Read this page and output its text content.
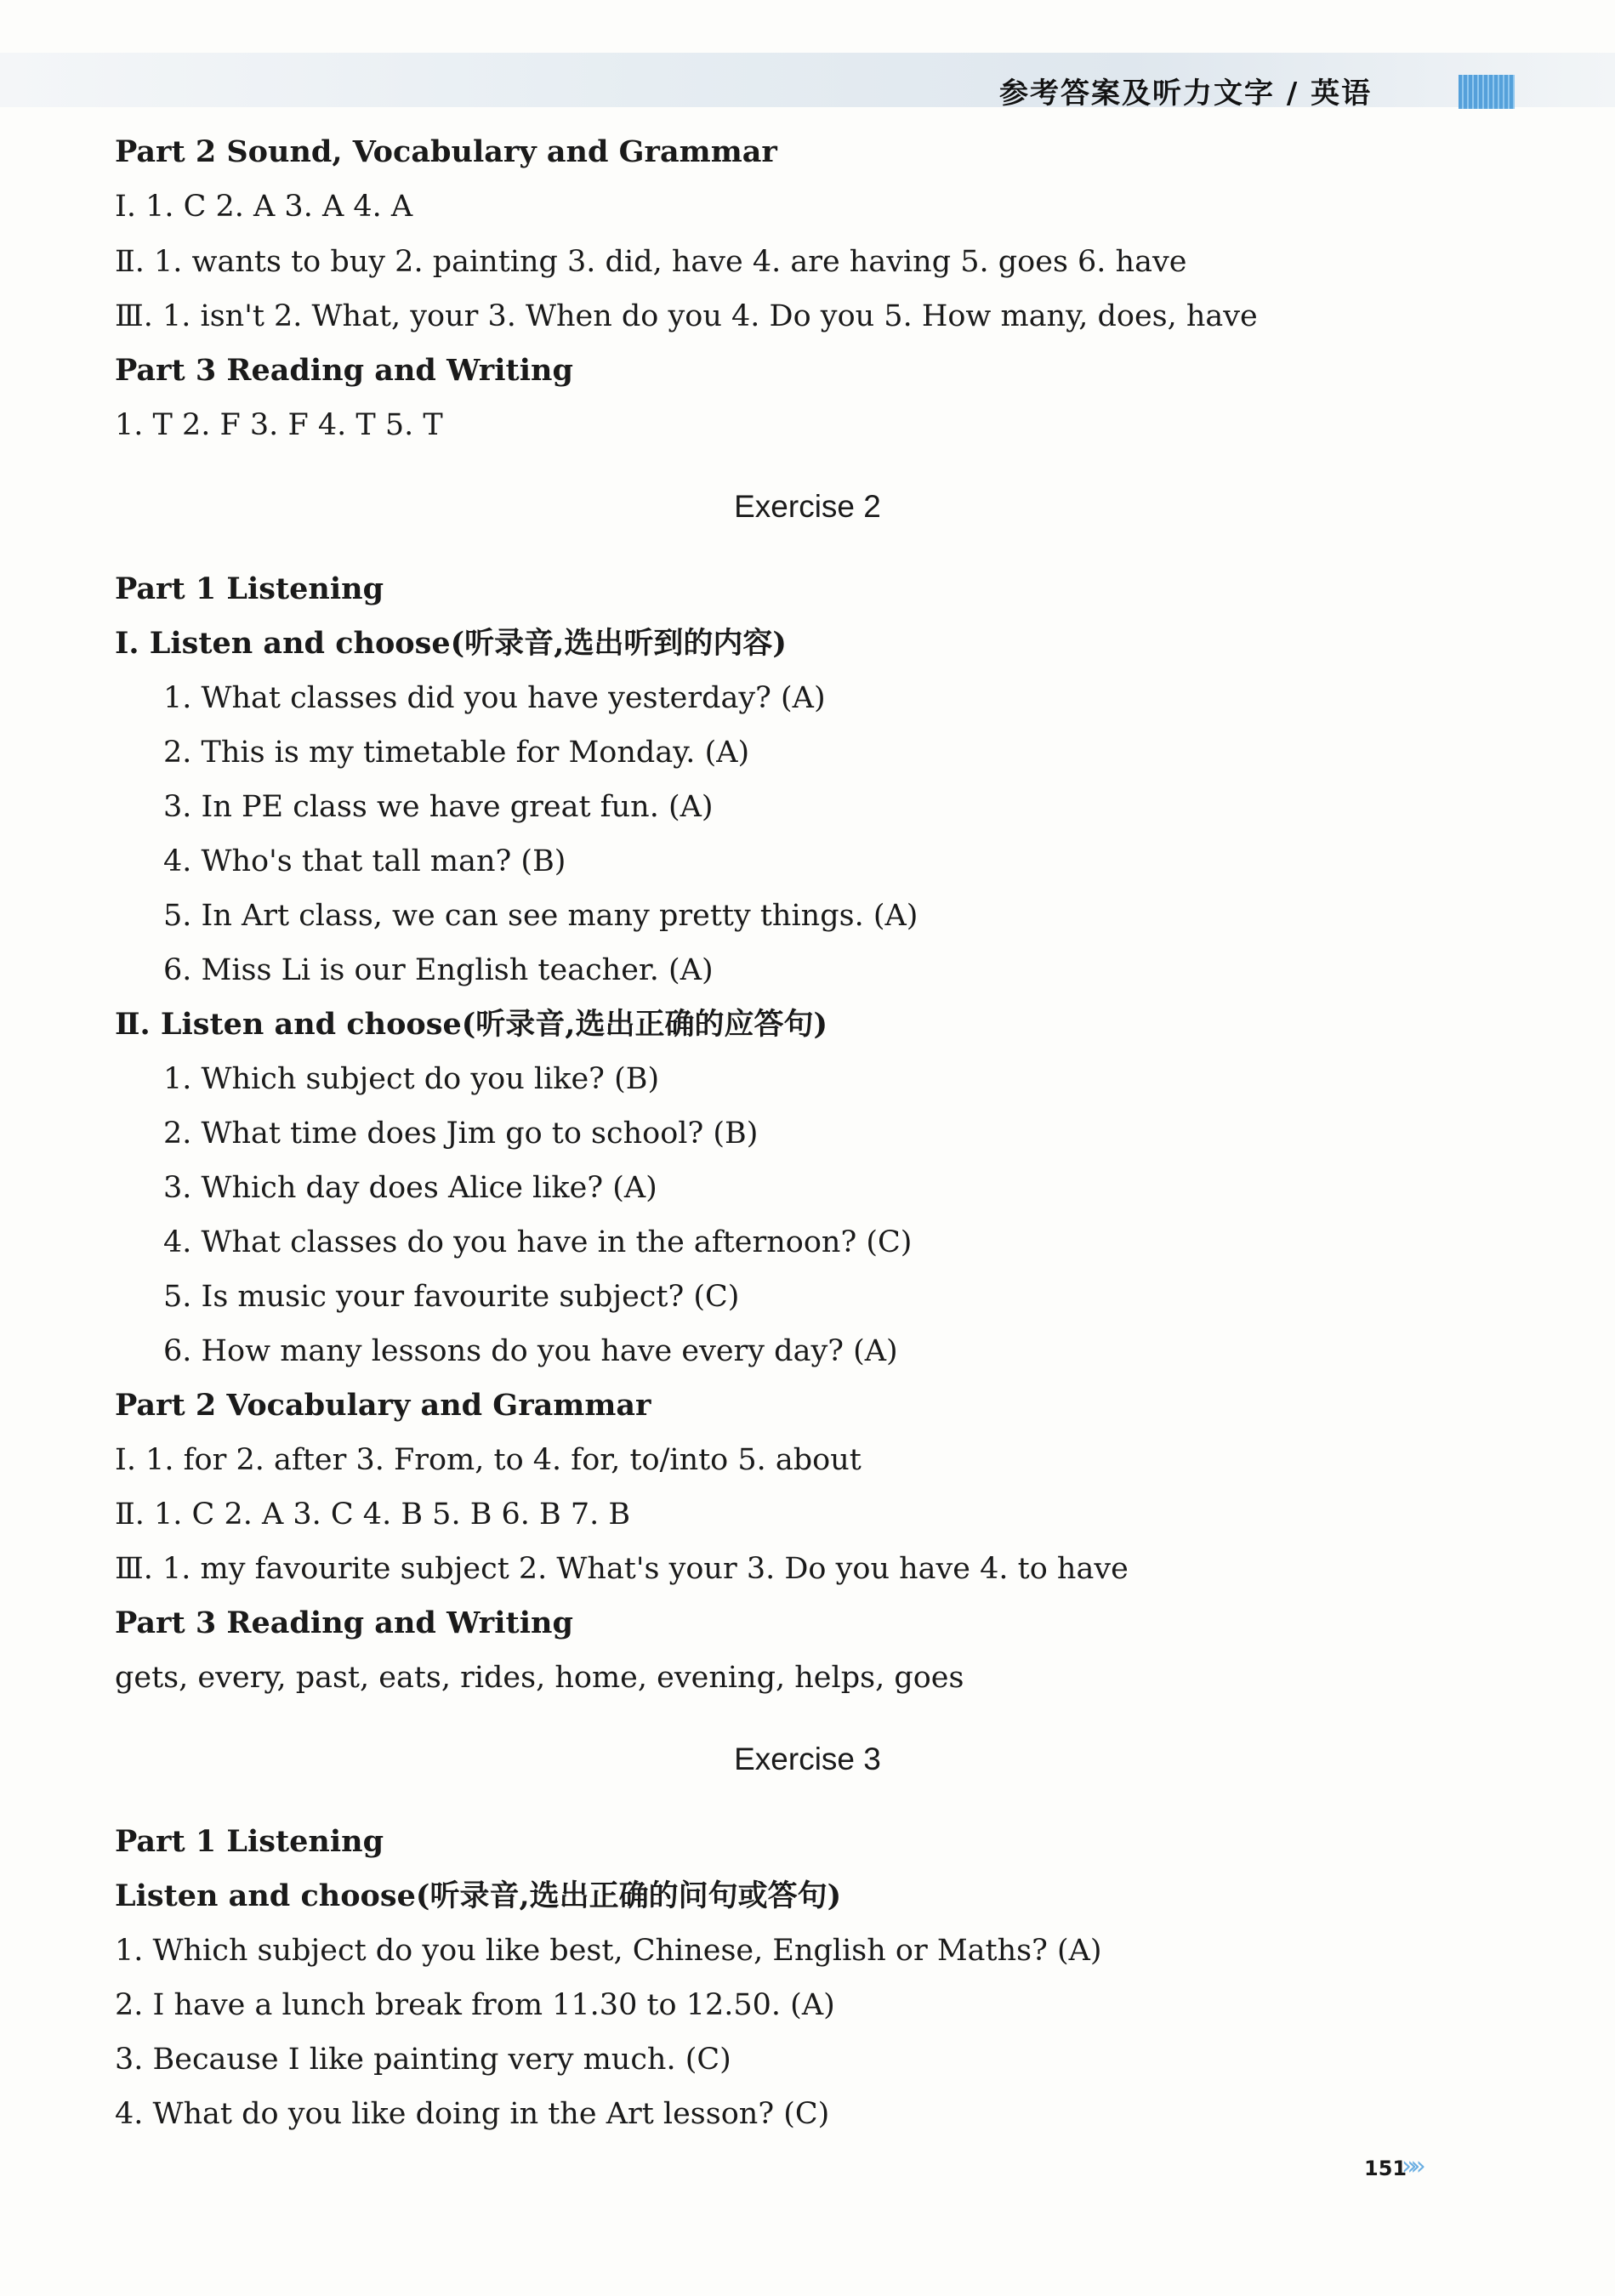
参考答案及听力文字 / 英语
Part 2 Sound, Vocabulary and Grammar
Ⅰ. 1. C 2. A 3. A 4. A
Ⅱ. 1. wants to buy 2. painting 3. did, have 4. are having 5. goes 6. have
Ⅲ. 1. isn't 2. What, your 3. When do you 4. Do you 5. How many, does, have
Part 3 Reading and Writing
1. T 2. F 3. F 4. T 5. T
Part 1 Listening
Ⅰ. Listen and choose(听录音,选出听到的内容)
1. What classes did you have yesterday? (A)
2. This is my timetable for Monday. (A)
3. In PE class we have great fun. (A)
4. Who's that tall man? (B)
5. In Art class, we can see many pretty things. (A)
6. Miss Li is our English teacher. (A)
Ⅱ. Listen and choose(听录音,选出正确的应答句)
1. Which subject do you like? (B)
2. What time does Jim go to school? (B)
3. Which day does Alice like? (A)
4. What classes do you have in the afternoon? (C)
5. Is music your favourite subject? (C)
6. How many lessons do you have every day? (A)
Part 2 Vocabulary and Grammar
Ⅰ. 1. for 2. after 3. From, to 4. for, to/into 5. about
Ⅱ. 1. C 2. A 3. C 4. B 5. B 6. B 7. B
Ⅲ. 1. my favourite subject 2. What's your 3. Do you have 4. to have
Part 3 Reading and Writing
gets, every, past, eats, rides, home, evening, helps, goes
Part 1 Listening
Listen and choose(听录音,选出正确的问句或答句)
1. Which subject do you like best, Chinese, English or Maths? (A)
2. I have a lunch break from 11.30 to 12.50. (A)
3. Because I like painting very much. (C)
4. What do you like doing in the Art lesson? (C)
Exercise 2
Exercise 3
151
»»
